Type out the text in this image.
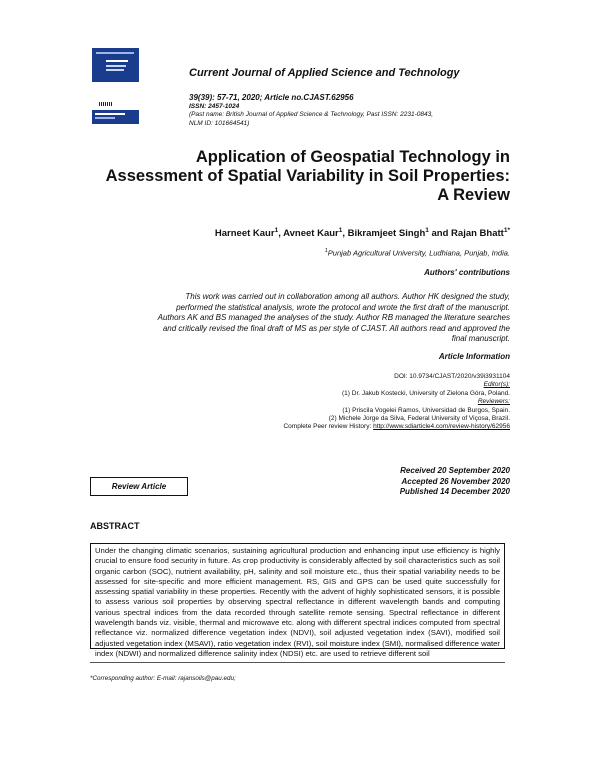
Current Journal of Applied Science and Technology
39(39): 57-71, 2020; Article no.CJAST.62956
ISSN: 2457-1024
(Past name: British Journal of Applied Science & Technology, Past ISSN: 2231-0843,
NLM ID: 101664541)
Application of Geospatial Technology in
Assessment of Spatial Variability in Soil Properties:
A Review
Harneet Kaur$^1$, Avneet Kaur$^1$, Bikramjeet Singh$^1$ and Rajan Bhatt$^{1*}$
$^1$Punjab Agricultural University, Ludhiana, Punjab, India.
Authors' contributions
This work was carried out in collaboration among all authors. Author HK designed the study,
performed the statistical analysis, wrote the protocol and wrote the first draft of the manuscript.
Authors AK and BS managed the analyses of the study. Author RB managed the literature searches
and critically revised the final draft of MS as per style of CJAST. All authors read and approved the
final manuscript.
Article Information
DOI: 10.9734/CJAST/2020/v39i3931104
Editor(s):
(1) Dr. Jakub Kostecki, University of Zielona Góra, Poland.
Reviewers:
(1) Priscila Vogelei Ramos, Universidad de Burgos, Spain.
(2) Michele Jorge da Silva, Federal University of Viçosa, Brazil.
Complete Peer review History: http://www.sdiarticle4.com/review-history/62956
Review Article
Received 20 September 2020
Accepted 26 November 2020
Published 14 December 2020
ABSTRACT
Under the changing climatic scenarios, sustaining agricultural production and enhancing input use efficiency is highly crucial to ensure food security in future. As crop productivity is considerably affected by soil characteristics such as soil organic carbon (SOC), nutrient availability, pH, salinity and soil moisture etc., thus their spatial variability needs to be assessed for site-specific and more efficient management. RS, GIS and GPS can be used quite successfully for assessing spatial variability in these properties. Recently with the advent of highly sophisticated sensors, it is possible to assess various soil properties by observing spectral reflectance in different wavelength bands and computing various spectral indices from the data recorded through satellite remote sensing. Spectral reflectance in different wavelength bands viz. visible, thermal and microwave etc. along with different spectral indices computed from spectral reflectance viz. normalized difference vegetation index (NDVI), soil adjusted vegetation index (SAVI), modified soil adjusted vegetation index (MSAVI), ratio vegetation index (RVI), soil moisture index (SMI), normalised difference water index (NDWI) and normalized difference salinity index (NDSI) etc. are used to retrieve different soil
*Corresponding author: E-mail: rajansoils@pau.edu;
